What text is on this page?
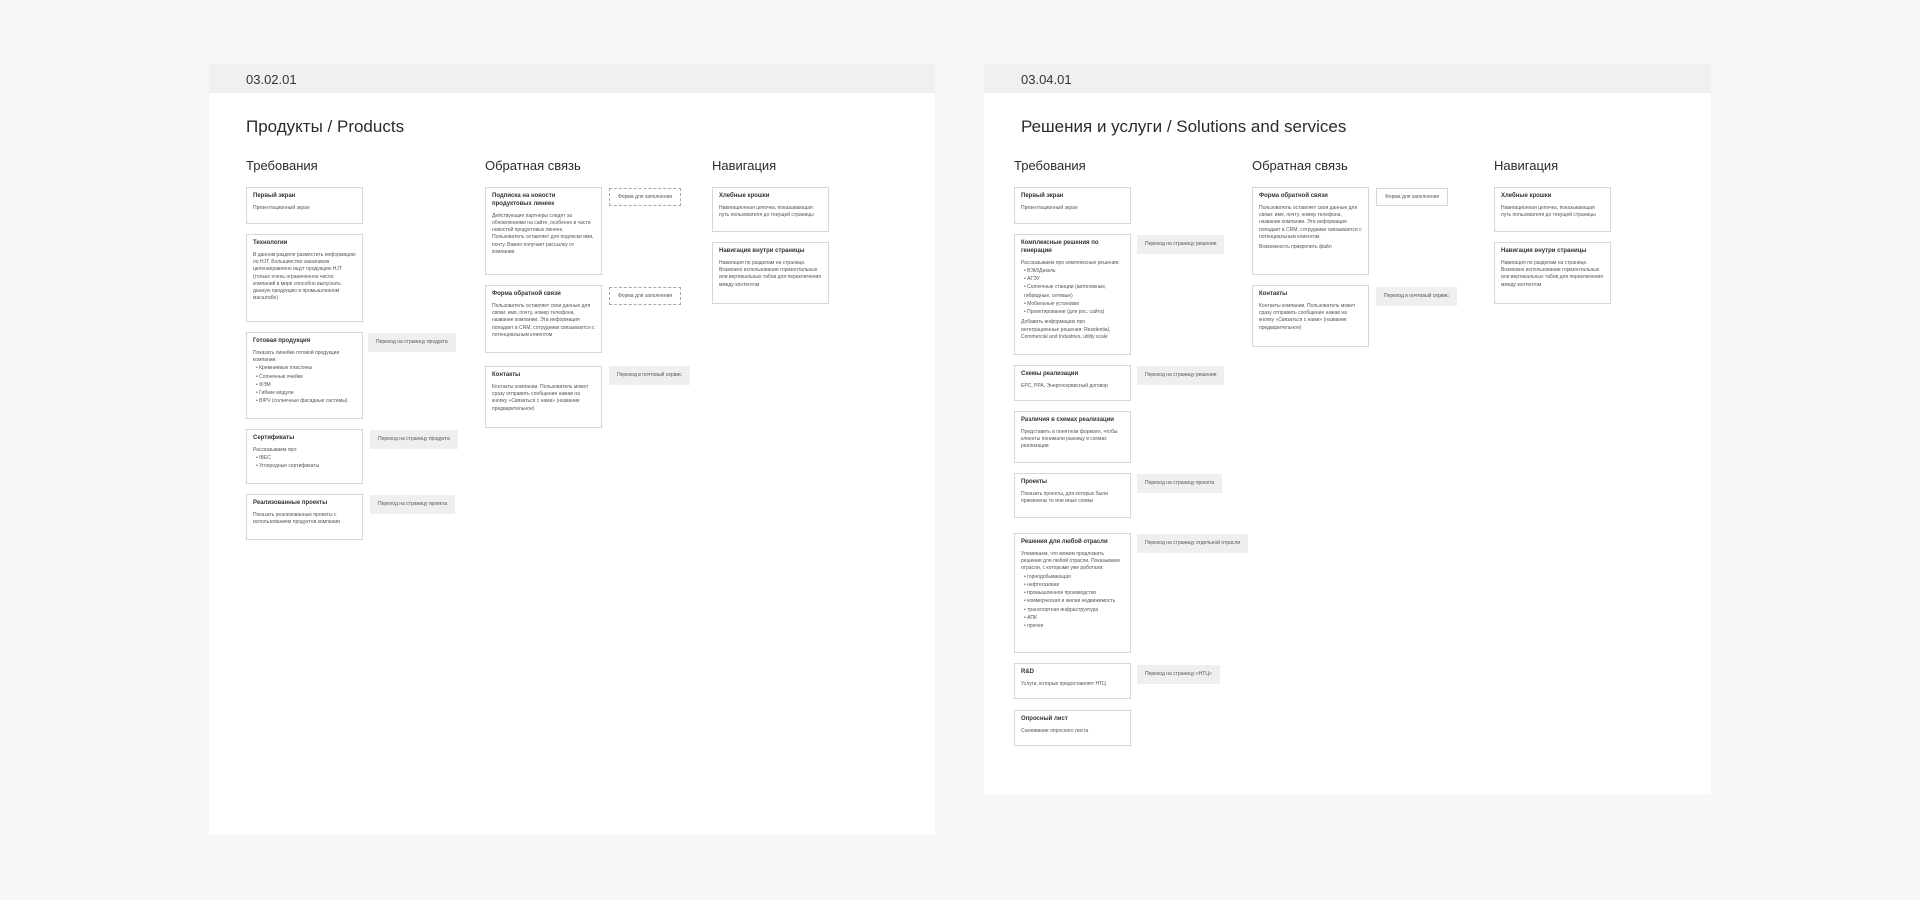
03.02.01
Продукты / Products
Требования	Обратная связь	Навигация
Первый экран
Презентационный экран
Технологии
В данном разделе разместить информацию по HJT. Большинство заказчиков целенаправлено ищут продукцию HJT (только очень ограниченное число компаний в мире способно выпускать данную продукцию в промышленном масштабе)
Готовая продукция
Показать линейки готовой продукции компании:
• Кремниевые пластины
• Солнечные ячейки
• ФЭМ
• Гибкие модули
• BIPV (солнечные фасадные системы)
Сертификаты
Рассказываем про:
• IBEC
• Углеродные сертификаты
Реализованные проекты
Показать реализованные проекты с использованием продуктов компании
Переход на страницу продукта
Переход на страницу продукта
Переход на страницу проекта
Подписка на новости продуктовых линеек
Действующие партнеры следят за обновлениями на сайте, особенно в части новостей продуктовых линеек. Пользователь оставляет для подписки имя, почту. Важно получает рассылку от компании.
Форма обратной связи
Пользователь оставляет свои данные для связи: имя, почту, номер телефона, название компании. Эта информация попадает в CRM, сотрудники связываются с потенциальным клиентом
Контакты
Контакты компании. Пользователь может сразу отправить сообщение нажав на кнопку «Связаться с нами» (название предварительное)
Форма для заполнения
Форма для заполнения
Переход в почтовый сервис
Хлебные крошки
Навигационная цепочка, показывающая путь пользователя до текущей страницы
Навигация внутри страницы
Навигация по разделам на странице. Возможно использование горизонтальных или вертикальных табов для переключения между контентом
03.04.01
Решения и услуги / Solutions and services
Требования	Обратная связь	Навигация
Первый экран
Презентационный экран
Комплексные решения по генерации
Рассказываем про комплексные решения:
• ВЭИ/Дизель
• АГЭУ
• Солнечные станции (автономные, гибридные, сетевые)
• Мобильные установки
• Проектирование (для рос. сайта)
Добавить информацию про интеграционные решения: Residential, Commercial and Industries, utility scale
Схемы реализации
EPC, PPA, Энергосервисный договор
Различия в схемах реализации
Представить в понятном формате, чтобы клиенты понимали разницу в схемах реализации
Проекты
Показать проекты, для которых были применены те или иные схемы
Решения для любой отрасли
Упоминаем, что можем предложить решения для любой отрасли. Показываем отрасли, с которыми уже работали:
• горнодобывающая
• нефтегазовая
• промышленное производство
• коммерческая и жилая недвижимость
• транспортная инфраструктура
• АПК
• прочее
R&D
Услуги, которые предоставляет НТЦ
Опросный лист
Скачивание опросного листа
Переход на страницу решения
Переход на страницу решения
Переход на страницу проекта
Переход на страницу отдельной отрасли
Переход на страницу «НТЦ»
Форма обратной связи
Пользователь оставляет свои данные для связи: имя, почту, номер телефона, название компании. Эта информация попадает в CRM, сотрудники связываются с потенциальным клиентом.
Возможность прикрепить файл
Контакты
Контакты компании. Пользователь может сразу отправить сообщение нажав на кнопку «Связаться с нами» (название предварительное)
Форма для заполнения
Переход в почтовый сервис
Хлебные крошки
Навигационная цепочка, показывающая путь пользователя до текущей страницы
Навигация внутри страницы
Навигация по разделам на странице. Возможно использование горизонтальных или вертикальных табов для переключения между контентом
